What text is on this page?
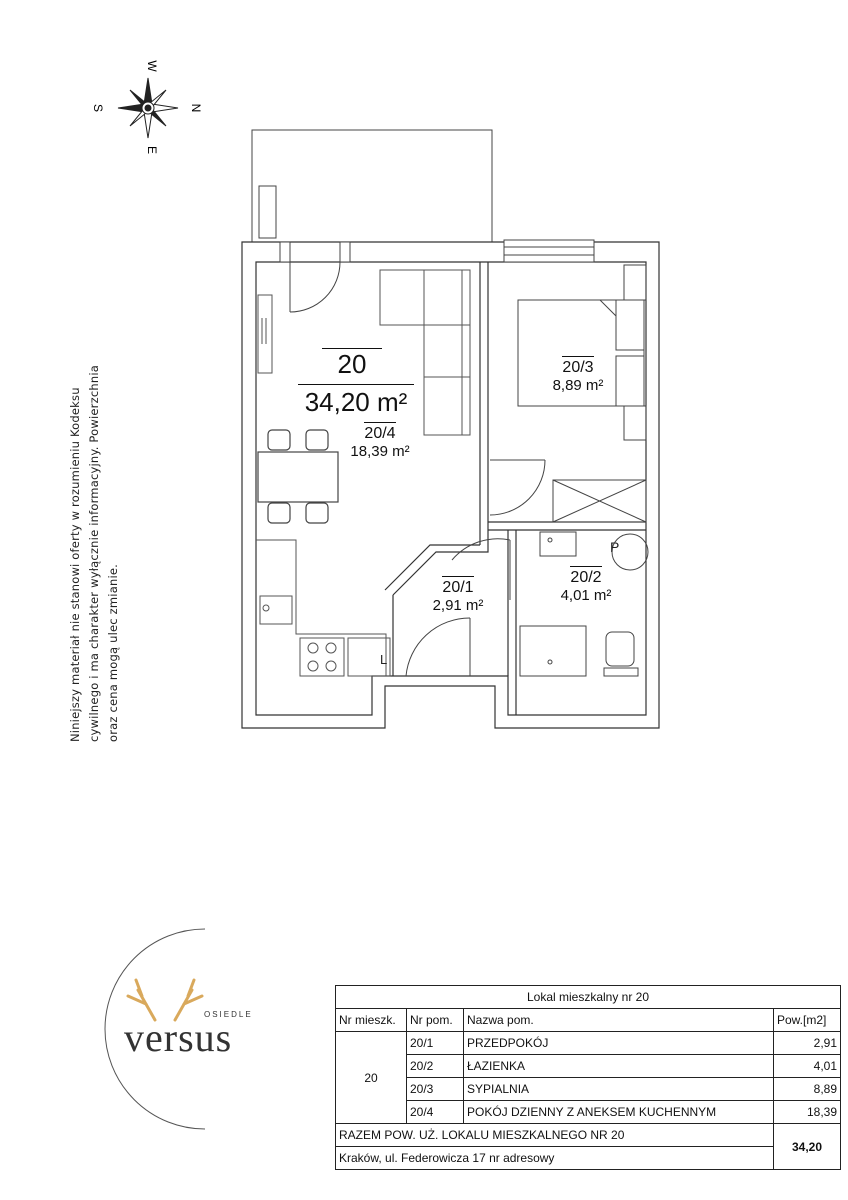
W
E
S	N
L
P
Niniejszy materiał nie stanowi oferty w rozumieniu Kodeksu cywilnego i ma charakter wyłącznie informacyjny. Powierzchnia oraz cena mogą ulec zmianie.
20
34,20 m²
20/4
18,39 m²
20/3
8,89 m²
20/1
2,91 m²
20/2
4,01 m²
OSIEDLE
versus
Lokal mieszkalny nr 20			
Nr mieszk.	Nr pom.	Nazwa pom.	Pow.[m2]
20	20/1	PRZEDPOKÓJ	2,91
	20/2	ŁAZIENKA	4,01
	20/3	SYPIALNIA	8,89
	20/4	POKÓJ DZIENNY Z ANEKSEM KUCHENNYM	18,39
RAZEM POW. UŻ. LOKALU MIESZKALNEGO NR 20			34,20
Kraków, ul. Federowicza 17 nr adresowy			
